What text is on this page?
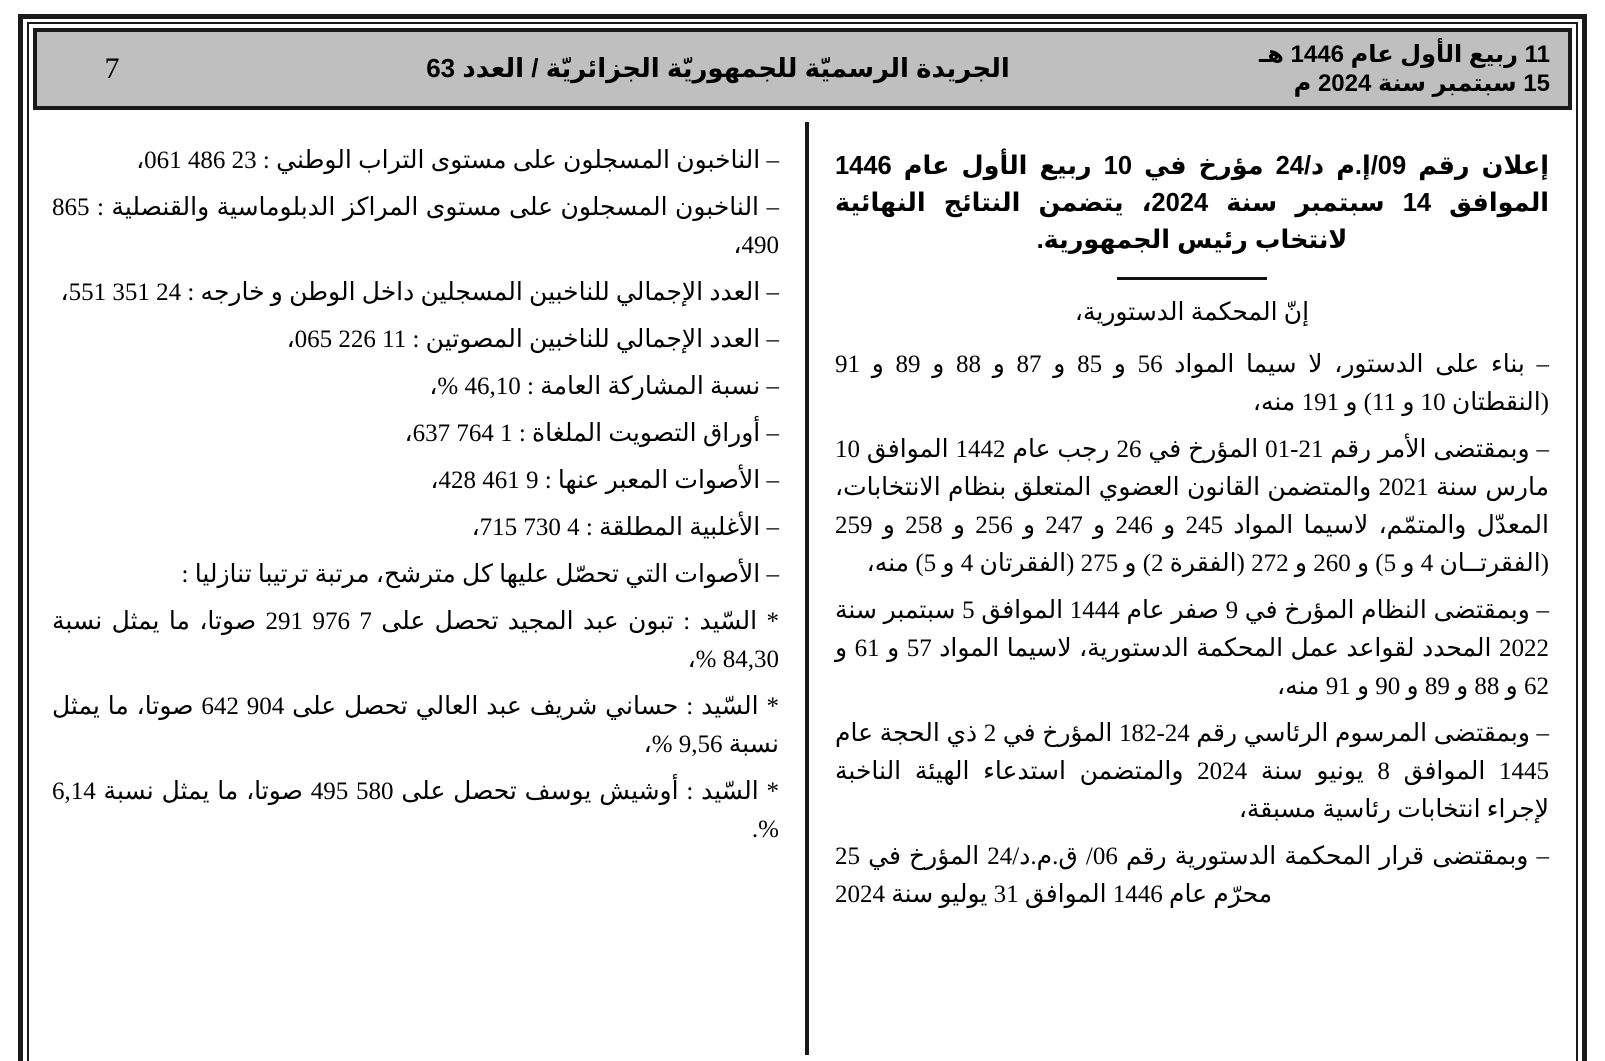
11 ربيع الأول عام 1446 هـ
15 سبتمبر سنة 2024 م
الجريدة الرسميّة للجمهوريّة الجزائريّة / العدد 63
7
إعلان رقم 09/إ.م د/24 مؤرخ في 10 ربيع الأول عام 1446 الموافق 14 سبتمبر سنة 2024، يتضمن النتائج النهائية لانتخاب رئيس الجمهورية.

إنّ المحكمة الدستورية،

– بناء على الدستور، لا سيما المواد 56 و 85 و 87 و 88 و 89 و 91 (النقطتان 10 و 11) و 191 منه،

– وبمقتضى الأمر رقم 21-01 المؤرخ في 26 رجب عام 1442 الموافق 10 مارس سنة 2021 والمتضمن القانون العضوي المتعلق بنظام الانتخابات، المعدّل والمتمّم، لاسيما المواد 245 و 246 و 247 و 256 و 258 و 259 (الفقرتــان 4 و 5) و 260 و 272 (الفقرة 2) و 275 (الفقرتان 4 و 5) منه،

– وبمقتضى النظام المؤرخ في 9 صفر عام 1444 الموافق 5 سبتمبر سنة 2022 المحدد لقواعد عمل المحكمة الدستورية، لاسيما المواد 57 و 61 و 62 و 88 و 89 و 90 و 91 منه،

– وبمقتضى المرسوم الرئاسي رقم 24-182 المؤرخ في 2 ذي الحجة عام 1445 الموافق 8 يونيو سنة 2024 والمتضمن استدعاء الهيئة الناخبة لإجراء انتخابات رئاسية مسبقة،

– وبمقتضى قرار المحكمة الدستورية رقم 06/ ق.م.د/24 المؤرخ في 25 محرّم عام 1446 الموافق 31 يوليو سنة 2024

– الناخبون المسجلون على مستوى التراب الوطني : 23 486 061،

– الناخبون المسجلون على مستوى المراكز الدبلوماسية والقنصلية : 865 490،

– العدد الإجمالي للناخبين المسجلين داخل الوطن و خارجه : 24 351 551،

– العدد الإجمالي للناخبين المصوتين : 11 226 065،

– نسبة المشاركة العامة : 46,10 %،

– أوراق التصويت الملغاة : 1 764 637،

– الأصوات المعبر عنها : 9 461 428،

– الأغلبية المطلقة : 4 730 715،

– الأصوات التي تحصّل عليها كل مترشح، مرتبة ترتيبا تنازليا :

* السّيد : تبون عبد المجيد تحصل على 7 976 291 صوتا، ما يمثل نسبة 84,30 %،

* السّيد : حساني شريف عبد العالي تحصل على 904 642 صوتا، ما يمثل نسبة 9,56 %،

* السّيد : أوشيش يوسف تحصل على 580 495 صوتا، ما يمثل نسبة 6,14 %.
